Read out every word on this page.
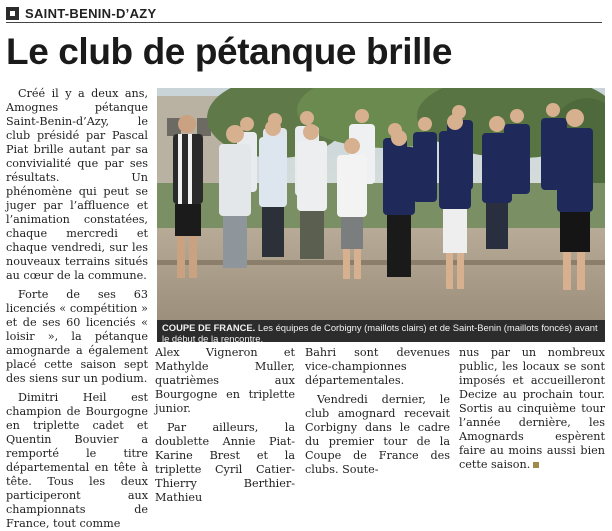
SAINT-BENIN-D’AZY
Le club de pétanque brille

Créé il y a deux ans, Amognes pétanque Saint-Benin-d’Azy, le club présidé par Pascal Piat brille autant par sa convivialité que par ses résultats. Un phénomène qui peut se juger par l’affluence et l’animation constatées, chaque mercredi et chaque vendredi, sur les nouveaux terrains situés au cœur de la commune.

Forte de ses 63 licenciés « compétition » et de ses 60 licenciés « loisir », la pétanque amognarde a également placé cette saison sept des siens sur un podium.

Dimitri Heil est champion de Bourgogne en triplette cadet et Quentin Bouvier a remporté le titre départemental en tête à tête. Tous les deux participeront aux championnats de France, tout comme

COUPE DE FRANCE. Les équipes de Corbigny (maillots clairs) et de Saint-Benin (maillots foncés) avant le début de la rencontre.

Alex Vigneron et Mathylde Muller, quatrièmes aux Bourgogne en triplette junior.

Par ailleurs, la doublette Annie Piat-Karine Brest et la triplette Cyril Catier-Thierry Berthier-Mathieu

Bahri sont devenues vice-championnes départementales.

Vendredi dernier, le club amognard recevait Corbigny dans le cadre du premier tour de la Coupe de France des clubs. Soute-

nus par un nombreux public, les locaux se sont imposés et accueilleront Decize au prochain tour. Sortis au cinquième tour l’année dernière, les Amognards espèrent faire au moins aussi bien cette saison.
